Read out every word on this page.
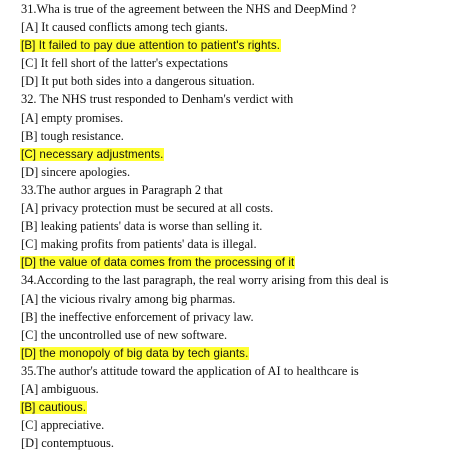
31.Wha is true of the agreement between the NHS and DeepMind ?
[A] It caused conflicts among tech giants.
[B] It failed to pay due attention to patient's rights.
[C] It fell short of the latter's expectations
[D] It put both sides into a dangerous situation.
32. The NHS trust responded to Denham's verdict with
[A] empty promises.
[B] tough resistance.
[C] necessary adjustments.
[D] sincere apologies.
33.The author argues in Paragraph 2 that
[A] privacy protection must be secured at all costs.
[B] leaking patients' data is worse than selling it.
[C] making profits from patients' data is illegal.
[D] the value of data comes from the processing of it
34.According to the last paragraph, the real worry arising from this deal is
[A] the vicious rivalry among big pharmas.
[B] the ineffective enforcement of privacy law.
[C] the uncontrolled use of new software.
[D] the monopoly of big data by tech giants.
35.The author's attitude toward the application of AI to healthcare is
[A] ambiguous.
[B] cautious.
[C] appreciative.
[D] contemptuous.
